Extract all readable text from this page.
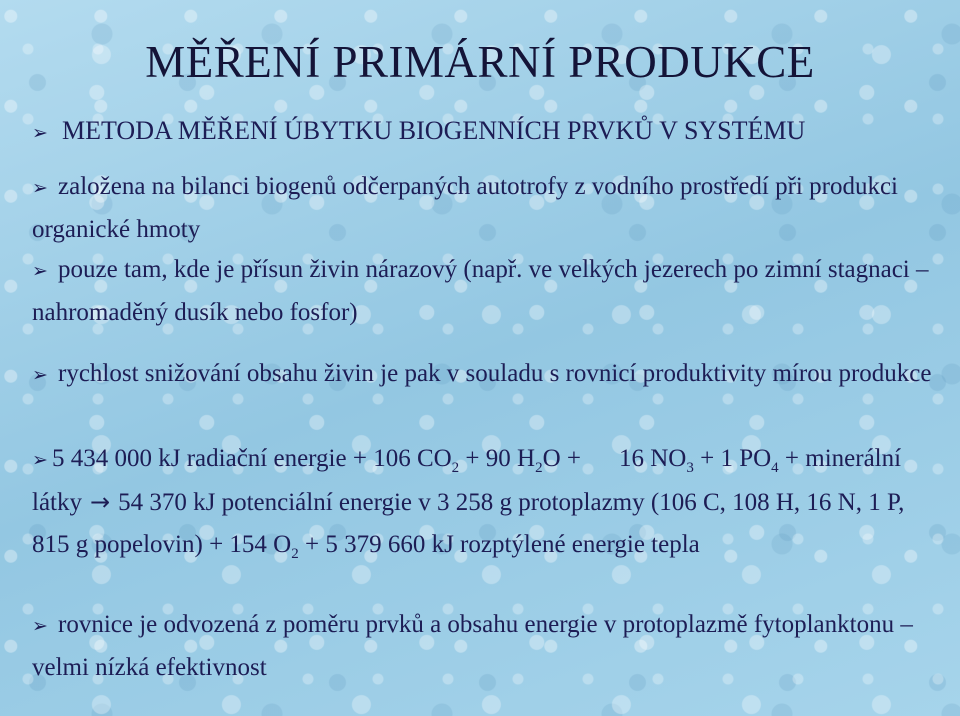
MĚŘENÍ PRIMÁRNÍ PRODUKCE
➢ METODA MĚŘENÍ ÚBYTKU BIOGENNÍCH PRVKŮ V SYSTÉMU
➢ založena na bilanci biogenů odčerpaných autotrofy z vodního prostředí při produkci organické hmoty
➢ pouze tam, kde je přísun živin nárazový (např. ve velkých jezerech po zimní stagnaci – nahromaděný dusík nebo fosfor)
➢ rychlost snižování obsahu živin je pak v souladu s rovnicí produktivity mírou produkce
➢ 5 434 000 kJ radiační energie + 106 $CO_2 + 90$ $H_2O + 16$ $NO_3 + 1$ $PO_4$ + minerální látky → 54 370 kJ potenciální energie v 3 258 g protoplazmy (106 C, 108 H, 16 N, 1 P, 815 g popelovin) + 154 $O_2 + 5$ 379 660 kJ rozptýlené energie tepla
➢ rovnice je odvozená z poměru prvků a obsahu energie v protoplazmě fytoplanktonu – velmi nízká efektivnost
